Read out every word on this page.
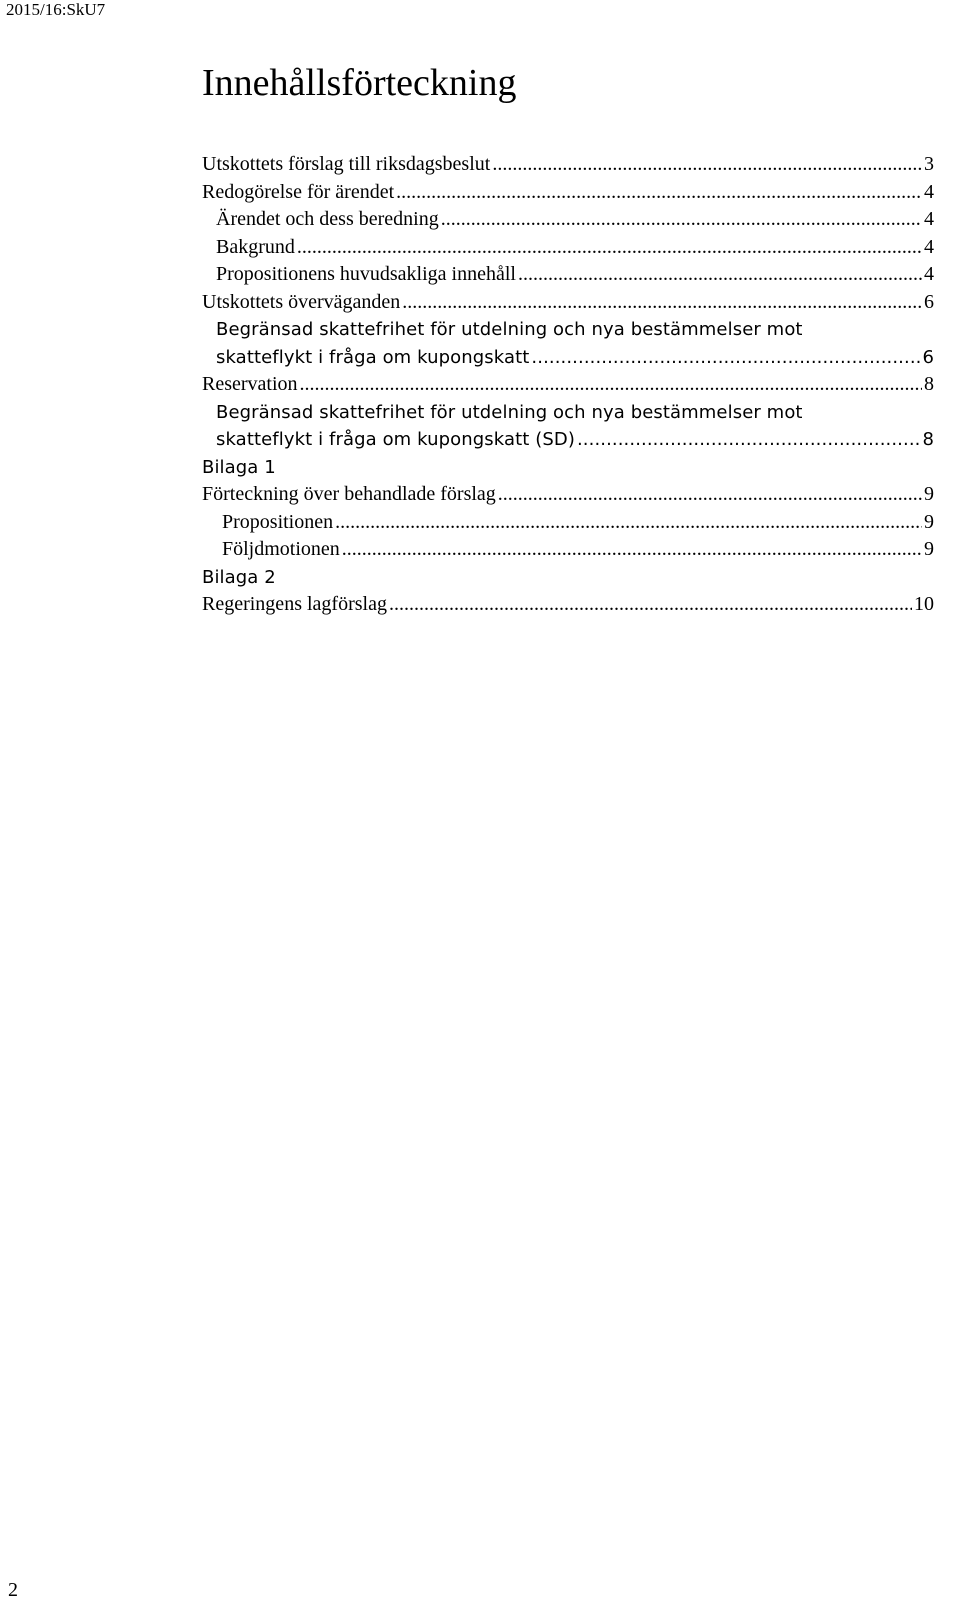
2015/16:SkU7
Innehållsförteckning
Utskottets förslag till riksdagsbeslut .....	3
Redogörelse för ärendet .....	4
Ärendet och dess beredning .....	4
Bakgrund .....	4
Propositionens huvudsakliga innehåll .....	4
Utskottets överväganden .....	6
Begränsad skattefrihet för utdelning och nya bestämmelser mot
skatteflykt i fråga om kupongskatt .....	6
Reservation .....	8
Begränsad skattefrihet för utdelning och nya bestämmelser mot
skatteflykt i fråga om kupongskatt (SD) .....	8
Bilaga 1
Förteckning över behandlade förslag .....	9
Propositionen .....	9
Följdmotionen .....	9
Bilaga 2
Regeringens lagförslag .....	10
2
